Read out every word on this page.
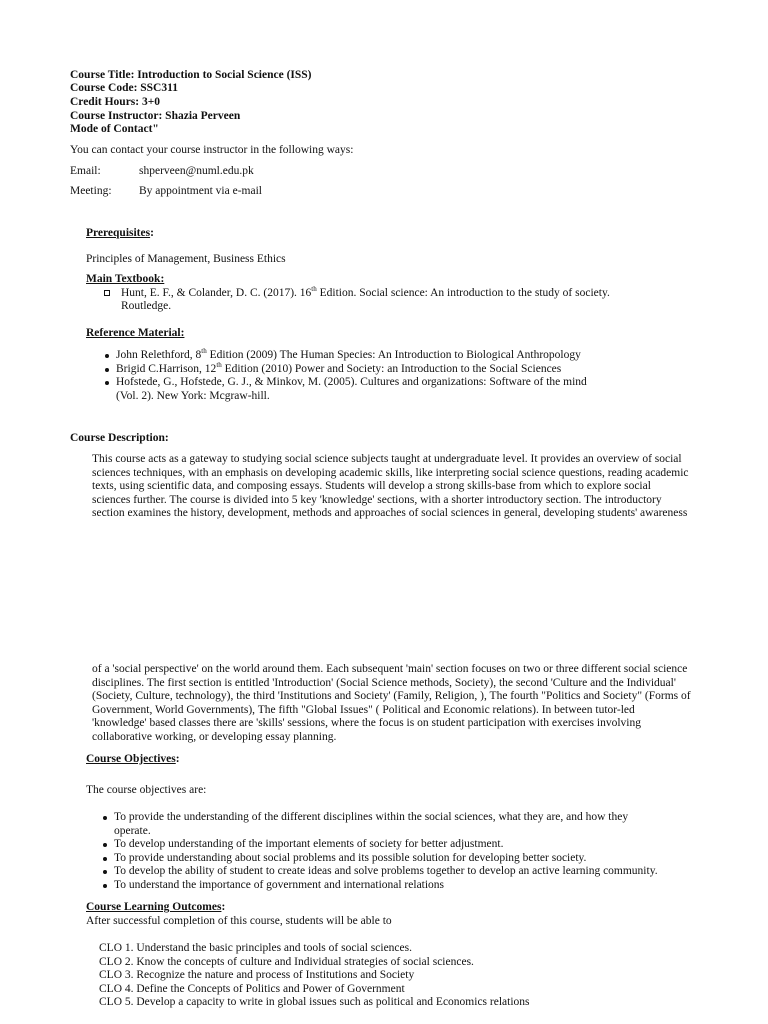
Course Title: Introduction to Social Science (ISS)
Course Code: SSC311
Credit Hours: 3+0
Course Instructor: Shazia Perveen
Mode of Contact"
You can contact your course instructor in the following ways:
Email:	shperveen@numl.edu.pk
Meeting: By appointment via e-mail
Prerequisites:
Principles of Management, Business Ethics
Main Textbook:
Hunt, E. F., & Colander, D. C. (2017). 16th Edition. Social science: An introduction to the study of society.
Routledge.
Reference Material:
John Relethford, 8th Edition (2009) The Human Species: An Introduction to Biological Anthropology
Brigid C.Harrison, 12th Edition (2010) Power and Society: an Introduction to the Social Sciences
Hofstede, G., Hofstede, G. J., & Minkov, M. (2005). Cultures and organizations: Software of the mind
(Vol. 2). New York: Mcgraw-hill.
Course Description:

This course acts as a gateway to studying social science subjects taught at undergraduate level. It provides an overview of social

sciences techniques, with an emphasis on developing academic skills, like interpreting social science questions, reading academic

texts, using scientific data, and composing essays. Students will develop a strong skills-base from which to explore social

sciences further. The course is divided into 5 key 'knowledge' sections, with a shorter introductory section. The introductory

section examines the history, development, methods and approaches of social sciences in general, developing students' awareness

of a 'social perspective' on the world around them. Each subsequent 'main' section focuses on two or three different social science

disciplines. The first section is entitled 'Introduction' (Social Science methods, Society), the second 'Culture and the Individual'

(Society, Culture, technology), the third 'Institutions and Society' (Family, Religion, ), The fourth "Politics and Society" (Forms of

Government, World Governments), The fifth "Global Issues" ( Political and Economic relations). In between tutor-led

'knowledge' based classes there are 'skills' sessions, where the focus is on student participation with exercises involving

collaborative working, or developing essay planning.

Course Objectives:
The course objectives are:
To provide the understanding of the different disciplines within the social sciences, what they are, and how they
operate.
To develop understanding of the important elements of society for better adjustment.
To provide understanding about social problems and its possible solution for developing better society.
To develop the ability of student to create ideas and solve problems together to develop an active learning community.
To understand the importance of government and international relations
Course Learning Outcomes:
After successful completion of this course, students will be able to

CLO 1. Understand the basic principles and tools of social sciences.

CLO 2. Know the concepts of culture and Individual strategies of social sciences.

CLO 3. Recognize the nature and process of Institutions and Society

CLO 4. Define the Concepts of Politics and Power of Government

CLO 5. Develop a capacity to write in global issues such as political and Economics relations
